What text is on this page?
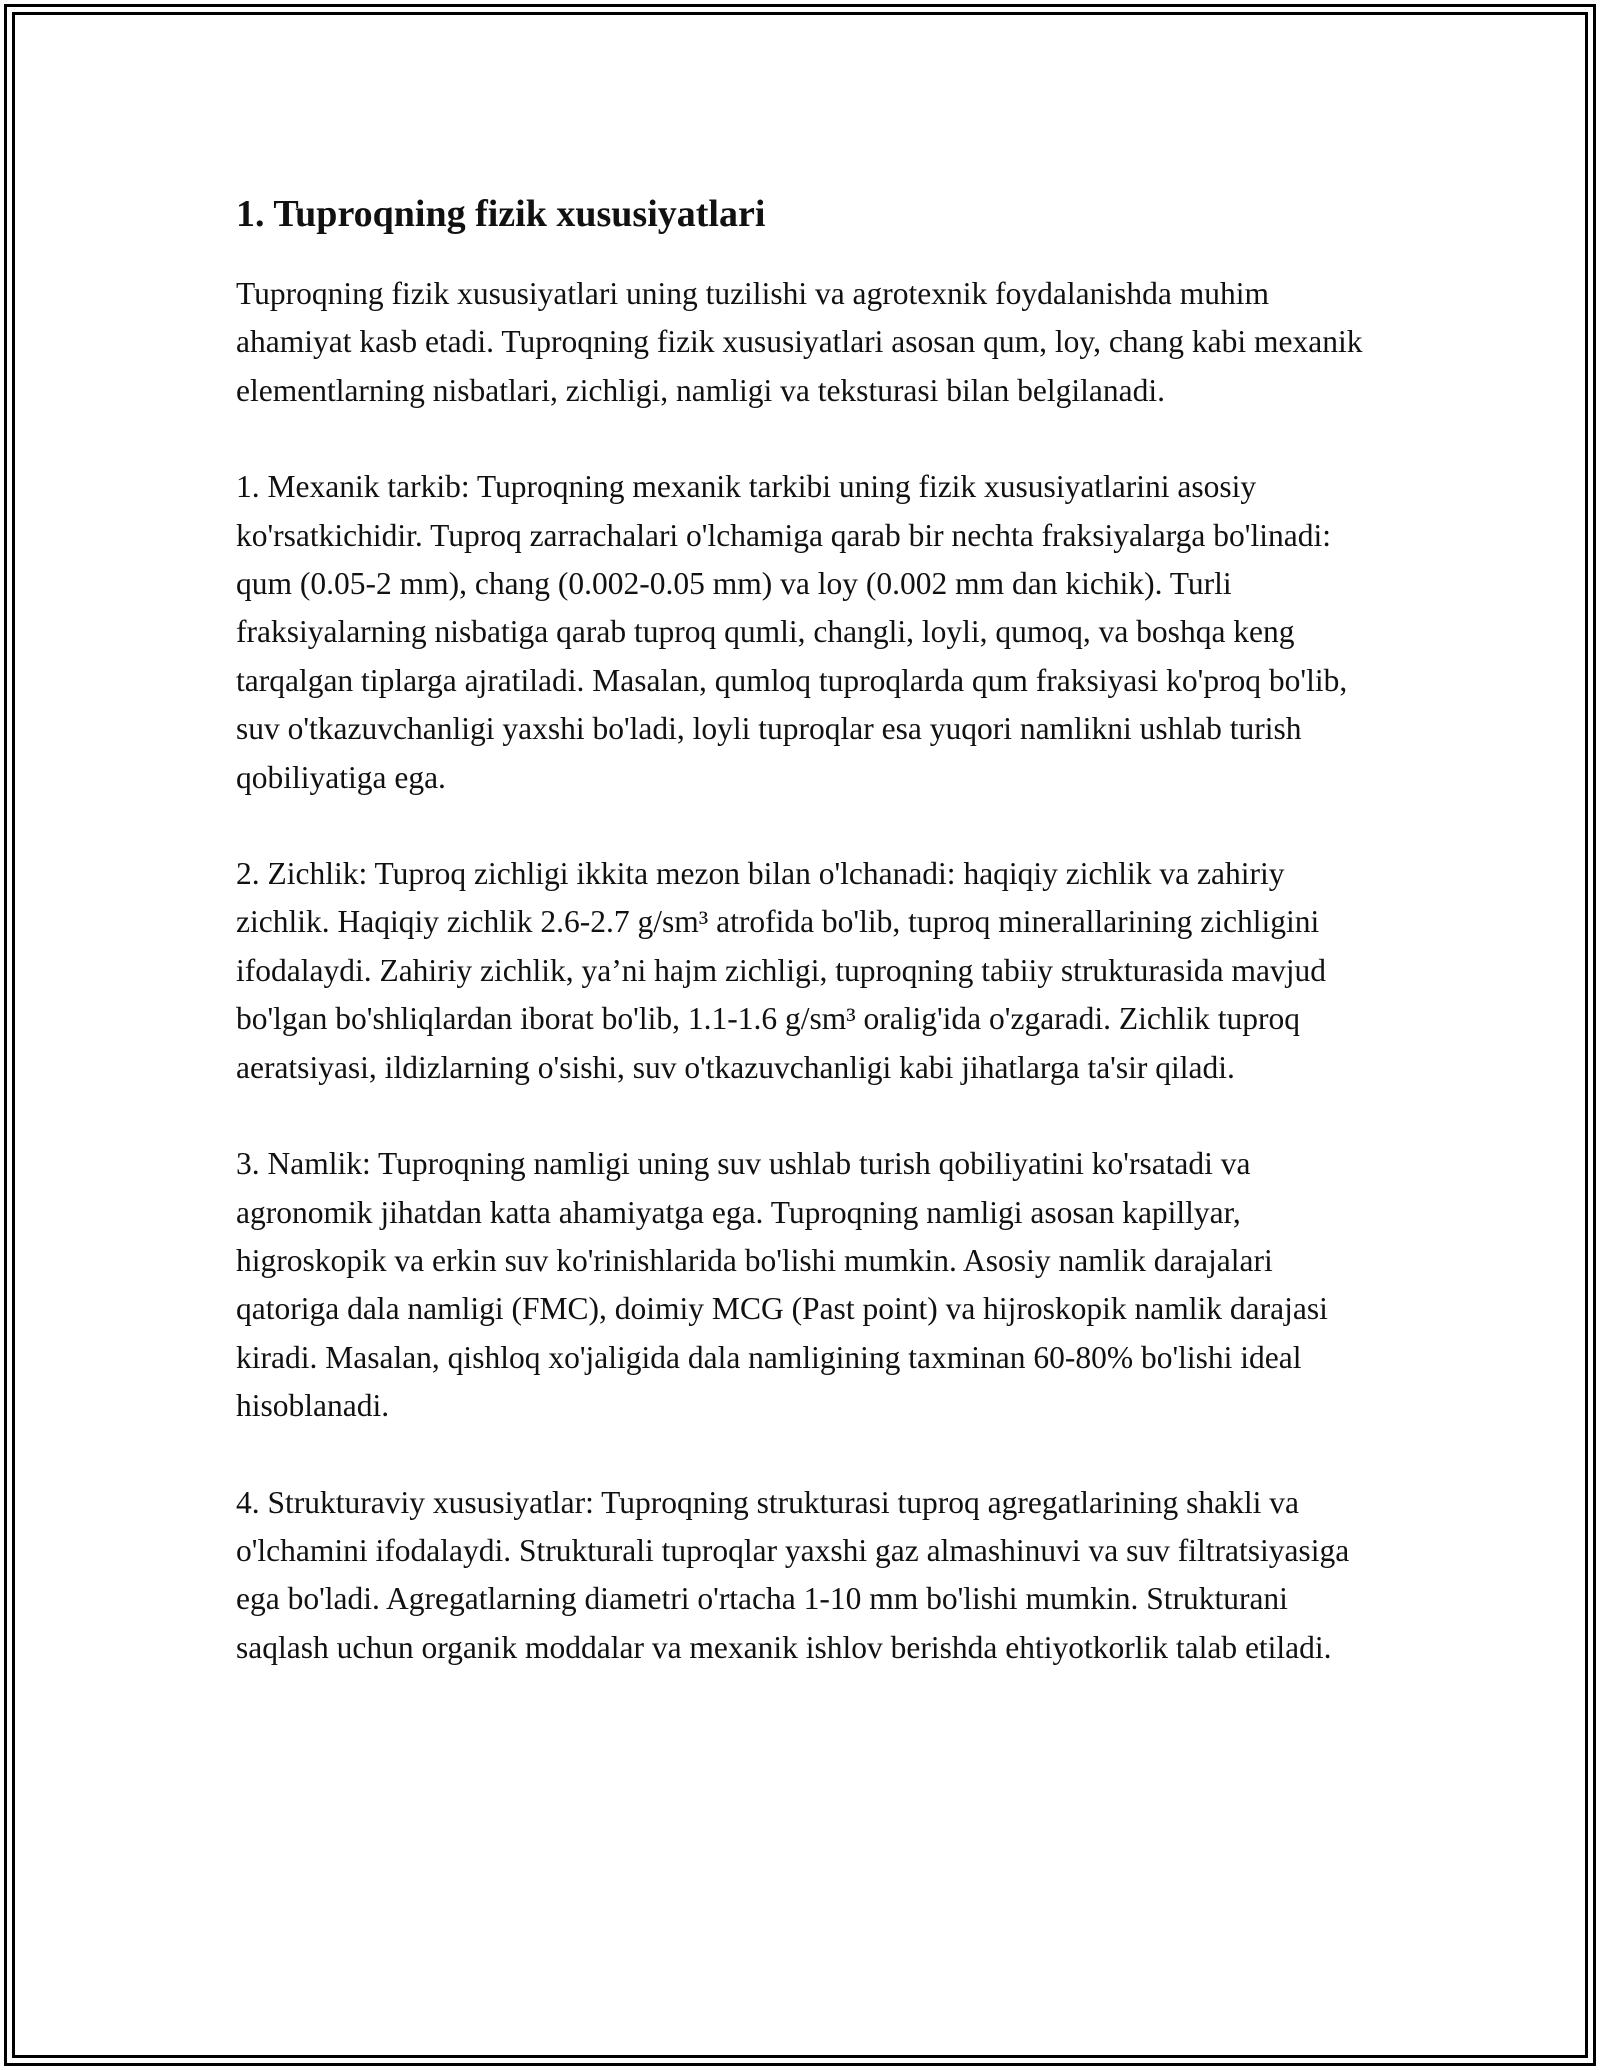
1. Tuproqning fizik xususiyatlari

Tuproqning fizik xususiyatlari uning tuzilishi va agrotexnik foydalanishda muhim ahamiyat kasb etadi. Tuproqning fizik xususiyatlari asosan qum, loy, chang kabi mexanik elementlarning nisbatlari, zichligi, namligi va teksturasi bilan belgilanadi.

1. Mexanik tarkib: Tuproqning mexanik tarkibi uning fizik xususiyatlarini asosiy ko'rsatkichidir. Tuproq zarrachalari o'lchamiga qarab bir nechta fraksiyalarga bo'linadi: qum (0.05-2 mm), chang (0.002-0.05 mm) va loy (0.002 mm dan kichik). Turli fraksiyalarning nisbatiga qarab tuproq qumli, changli, loyli, qumoq, va boshqa keng tarqalgan tiplarga ajratiladi. Masalan, qumloq tuproqlarda qum fraksiyasi ko'proq bo'lib, suv o'tkazuvchanligi yaxshi bo'ladi, loyli tuproqlar esa yuqori namlikni ushlab turish qobiliyatiga ega.

2. Zichlik: Tuproq zichligi ikkita mezon bilan o'lchanadi: haqiqiy zichlik va zahiriy zichlik. Haqiqiy zichlik 2.6-2.7 g/sm³ atrofida bo'lib, tuproq minerallarining zichligini ifodalaydi. Zahiriy zichlik, ya’ni hajm zichligi, tuproqning tabiiy strukturasida mavjud bo'lgan bo'shliqlardan iborat bo'lib, 1.1-1.6 g/sm³ oralig'ida o'zgaradi. Zichlik tuproq aeratsiyasi, ildizlarning o'sishi, suv o'tkazuvchanligi kabi jihatlarga ta'sir qiladi.

3. Namlik: Tuproqning namligi uning suv ushlab turish qobiliyatini ko'rsatadi va agronomik jihatdan katta ahamiyatga ega. Tuproqning namligi asosan kapillyar, higroskopik va erkin suv ko'rinishlarida bo'lishi mumkin. Asosiy namlik darajalari qatoriga dala namligi (FMC), doimiy MCG (Past point) va hijroskopik namlik darajasi kiradi. Masalan, qishloq xo'jaligida dala namligining taxminan 60-80% bo'lishi ideal hisoblanadi.

4. Strukturaviy xususiyatlar: Tuproqning strukturasi tuproq agregatlarining shakli va o'lchamini ifodalaydi. Strukturali tuproqlar yaxshi gaz almashinuvi va suv filtratsiyasiga ega bo'ladi. Agregatlarning diametri o'rtacha 1-10 mm bo'lishi mumkin. Strukturani saqlash uchun organik moddalar va mexanik ishlov berishda ehtiyotkorlik talab etiladi.
